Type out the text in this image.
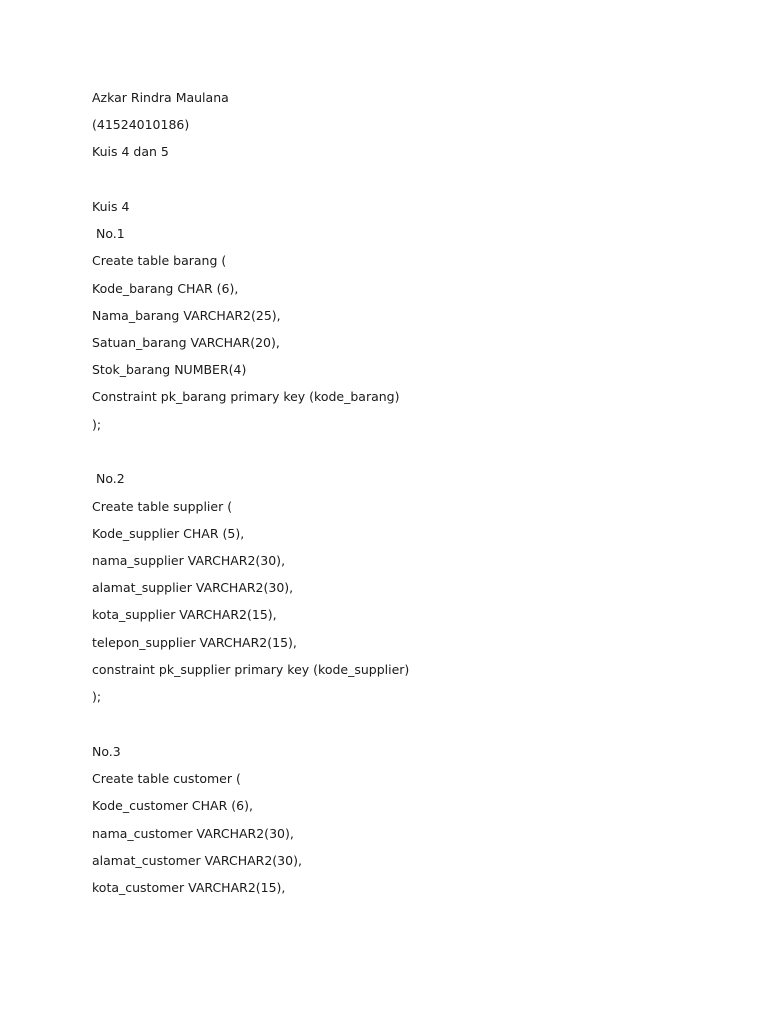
Azkar Rindra Maulana
(41524010186)
Kuis 4 dan 5
Kuis 4
No.1
Create table barang (
Kode_barang CHAR (6),
Nama_barang VARCHAR2(25),
Satuan_barang VARCHAR(20),
Stok_barang NUMBER(4)
Constraint pk_barang primary key (kode_barang)
);
No.2
Create table supplier (
Kode_supplier CHAR (5),
nama_supplier VARCHAR2(30),
alamat_supplier VARCHAR2(30),
kota_supplier VARCHAR2(15),
telepon_supplier VARCHAR2(15),
constraint pk_supplier primary key (kode_supplier)
);
No.3
Create table customer (
Kode_customer CHAR (6),
nama_customer VARCHAR2(30),
alamat_customer VARCHAR2(30),
kota_customer VARCHAR2(15),
